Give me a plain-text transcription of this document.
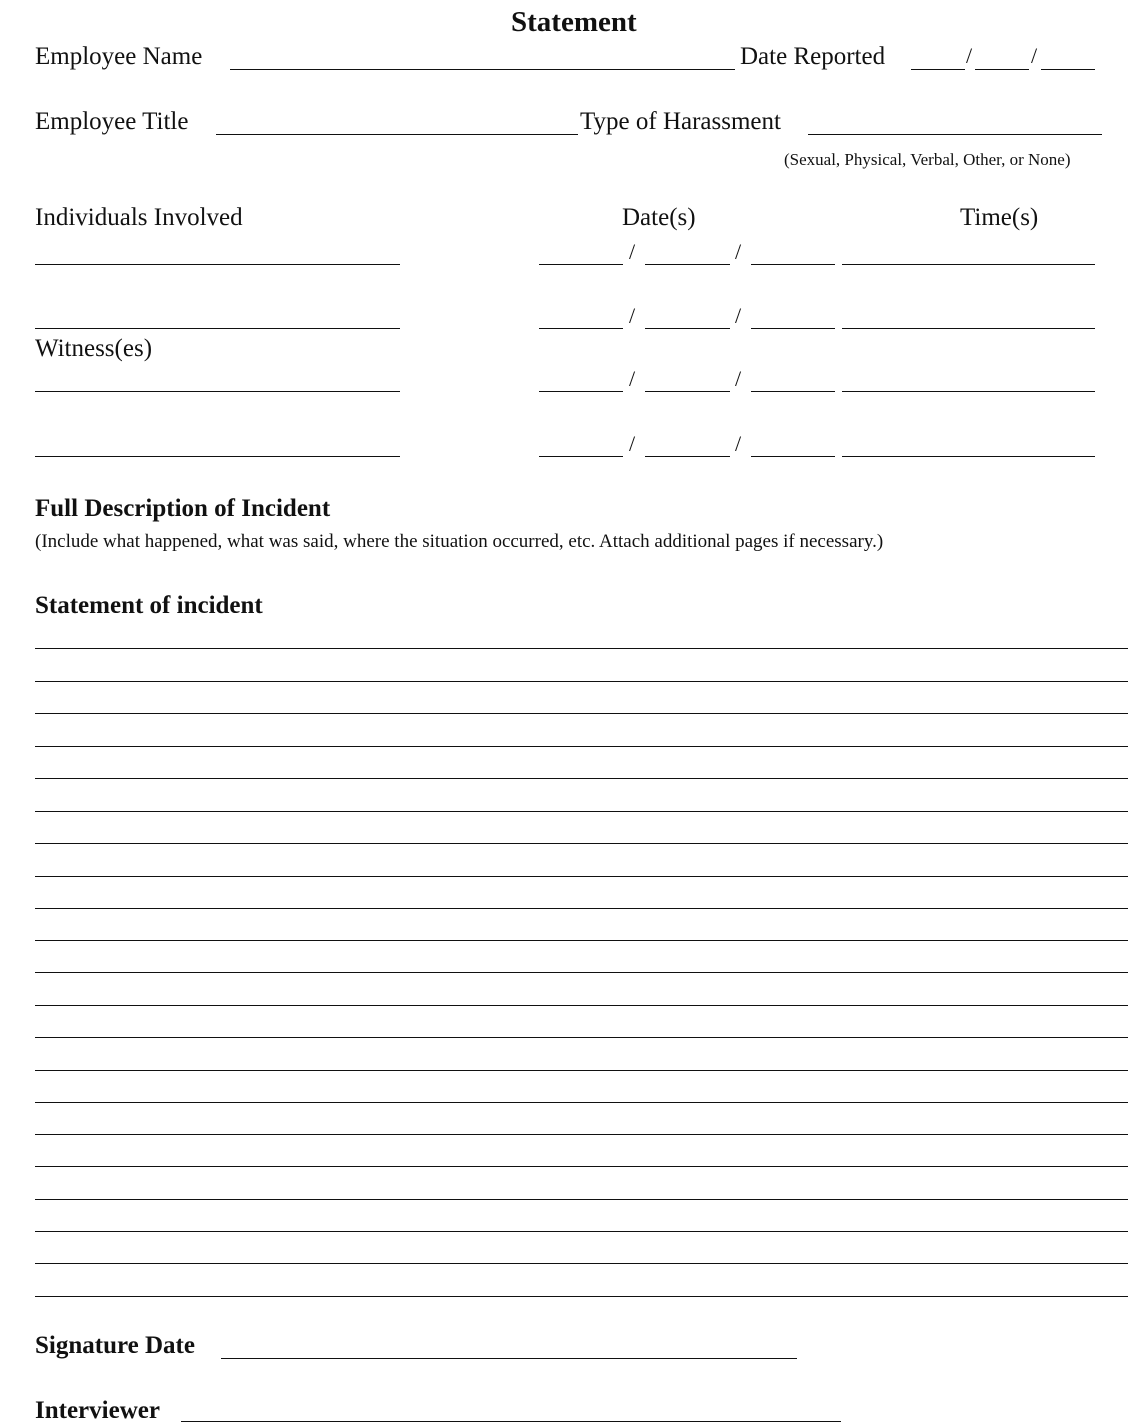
Statement
Employee Name	Date Reported	/	/
Employee Title	Type of Harassment
(Sexual, Physical, Verbal, Other, or None)
Individuals Involved	Date(s)	Time(s)
/	/
/	/
Witness(es)
/	/
/	/
Full Description of Incident
(Include what happened, what was said, where the situation occurred, etc. Attach additional pages if necessary.)
Statement of incident
Signature Date
Interviewer
